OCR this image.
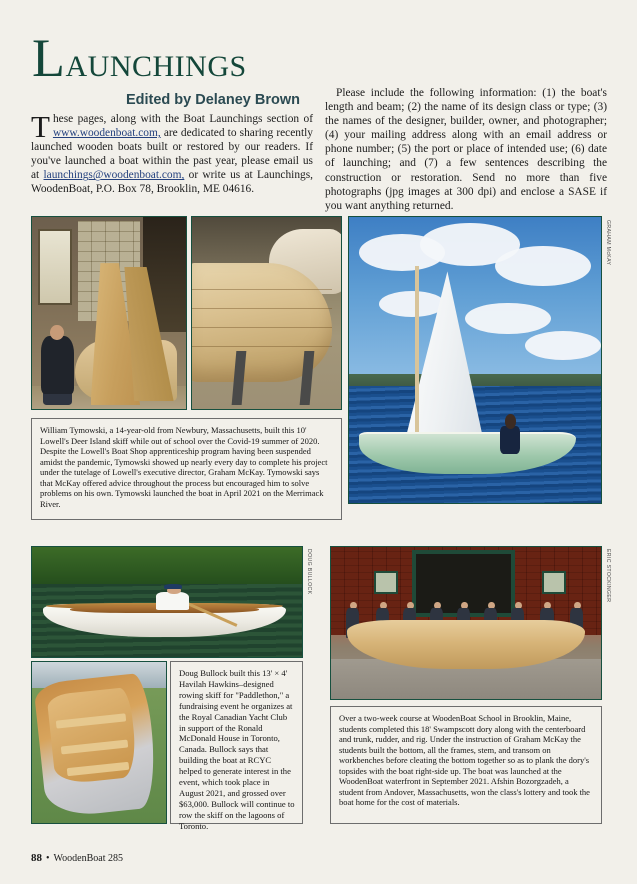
Launchings
Edited by Delaney Brown
These pages, along with the Boat Launchings section of www.woodenboat.com, are dedicated to sharing recently launched wooden boats built or restored by our readers. If you've launched a boat within the past year, please email us at launchings@woodenboat.com, or write us at Launchings, WoodenBoat, P.O. Box 78, Brooklin, ME 04616.
Please include the following information: (1) the boat's length and beam; (2) the name of its design class or type; (3) the names of the designer, builder, owner, and photographer; (4) your mailing address along with an email address or phone number; (5) the port or place of intended use; (6) date of launching; and (7) a few sentences describing the construction or restoration. Send no more than five photographs (jpg images at 300 dpi) and enclose a SASE if you want anything returned.
GRAHAM McKAY
William Tymowski, a 14-year-old from Newbury, Massachusetts, built this 10' Lowell's Deer Island skiff while out of school over the Covid-19 summer of 2020. Despite the Lowell's Boat Shop apprenticeship program having been suspended amidst the pandemic, Tymowski showed up nearly every day to complete his project under the tutelage of Lowell's executive director, Graham McKay. Tymowski says that McKay offered advice throughout the process but encouraged him to solve problems on his own. Tymowski launched the boat in April 2021 on the Merrimack River.
DOUG BULLOCK
Doug Bullock built this 13' × 4' Havilah Hawkins–designed rowing skiff for "Paddlethon," a fundraising event he organizes at the Royal Canadian Yacht Club in support of the Ronald McDonald House in Toronto, Canada. Bullock says that building the boat at RCYC helped to generate interest in the event, which took place in August 2021, and grossed over $63,000. Bullock will continue to row the skiff on the lagoons of Toronto.
ERIC STOCKINGER
Over a two-week course at WoodenBoat School in Brooklin, Maine, students completed this 18' Swampscott dory along with the centerboard and trunk, rudder, and rig. Under the instruction of Graham McKay the students built the bottom, all the frames, stem, and transom on workbenches before cleating the bottom together so as to plank the dory's topsides with the boat right-side up. The boat was launched at the WoodenBoat waterfront in September 2021. Afshin Bozorgzadeh, a student from Andover, Massachusetts, won the class's lottery and took the boat home for the cost of materials.
88 • WoodenBoat 285
